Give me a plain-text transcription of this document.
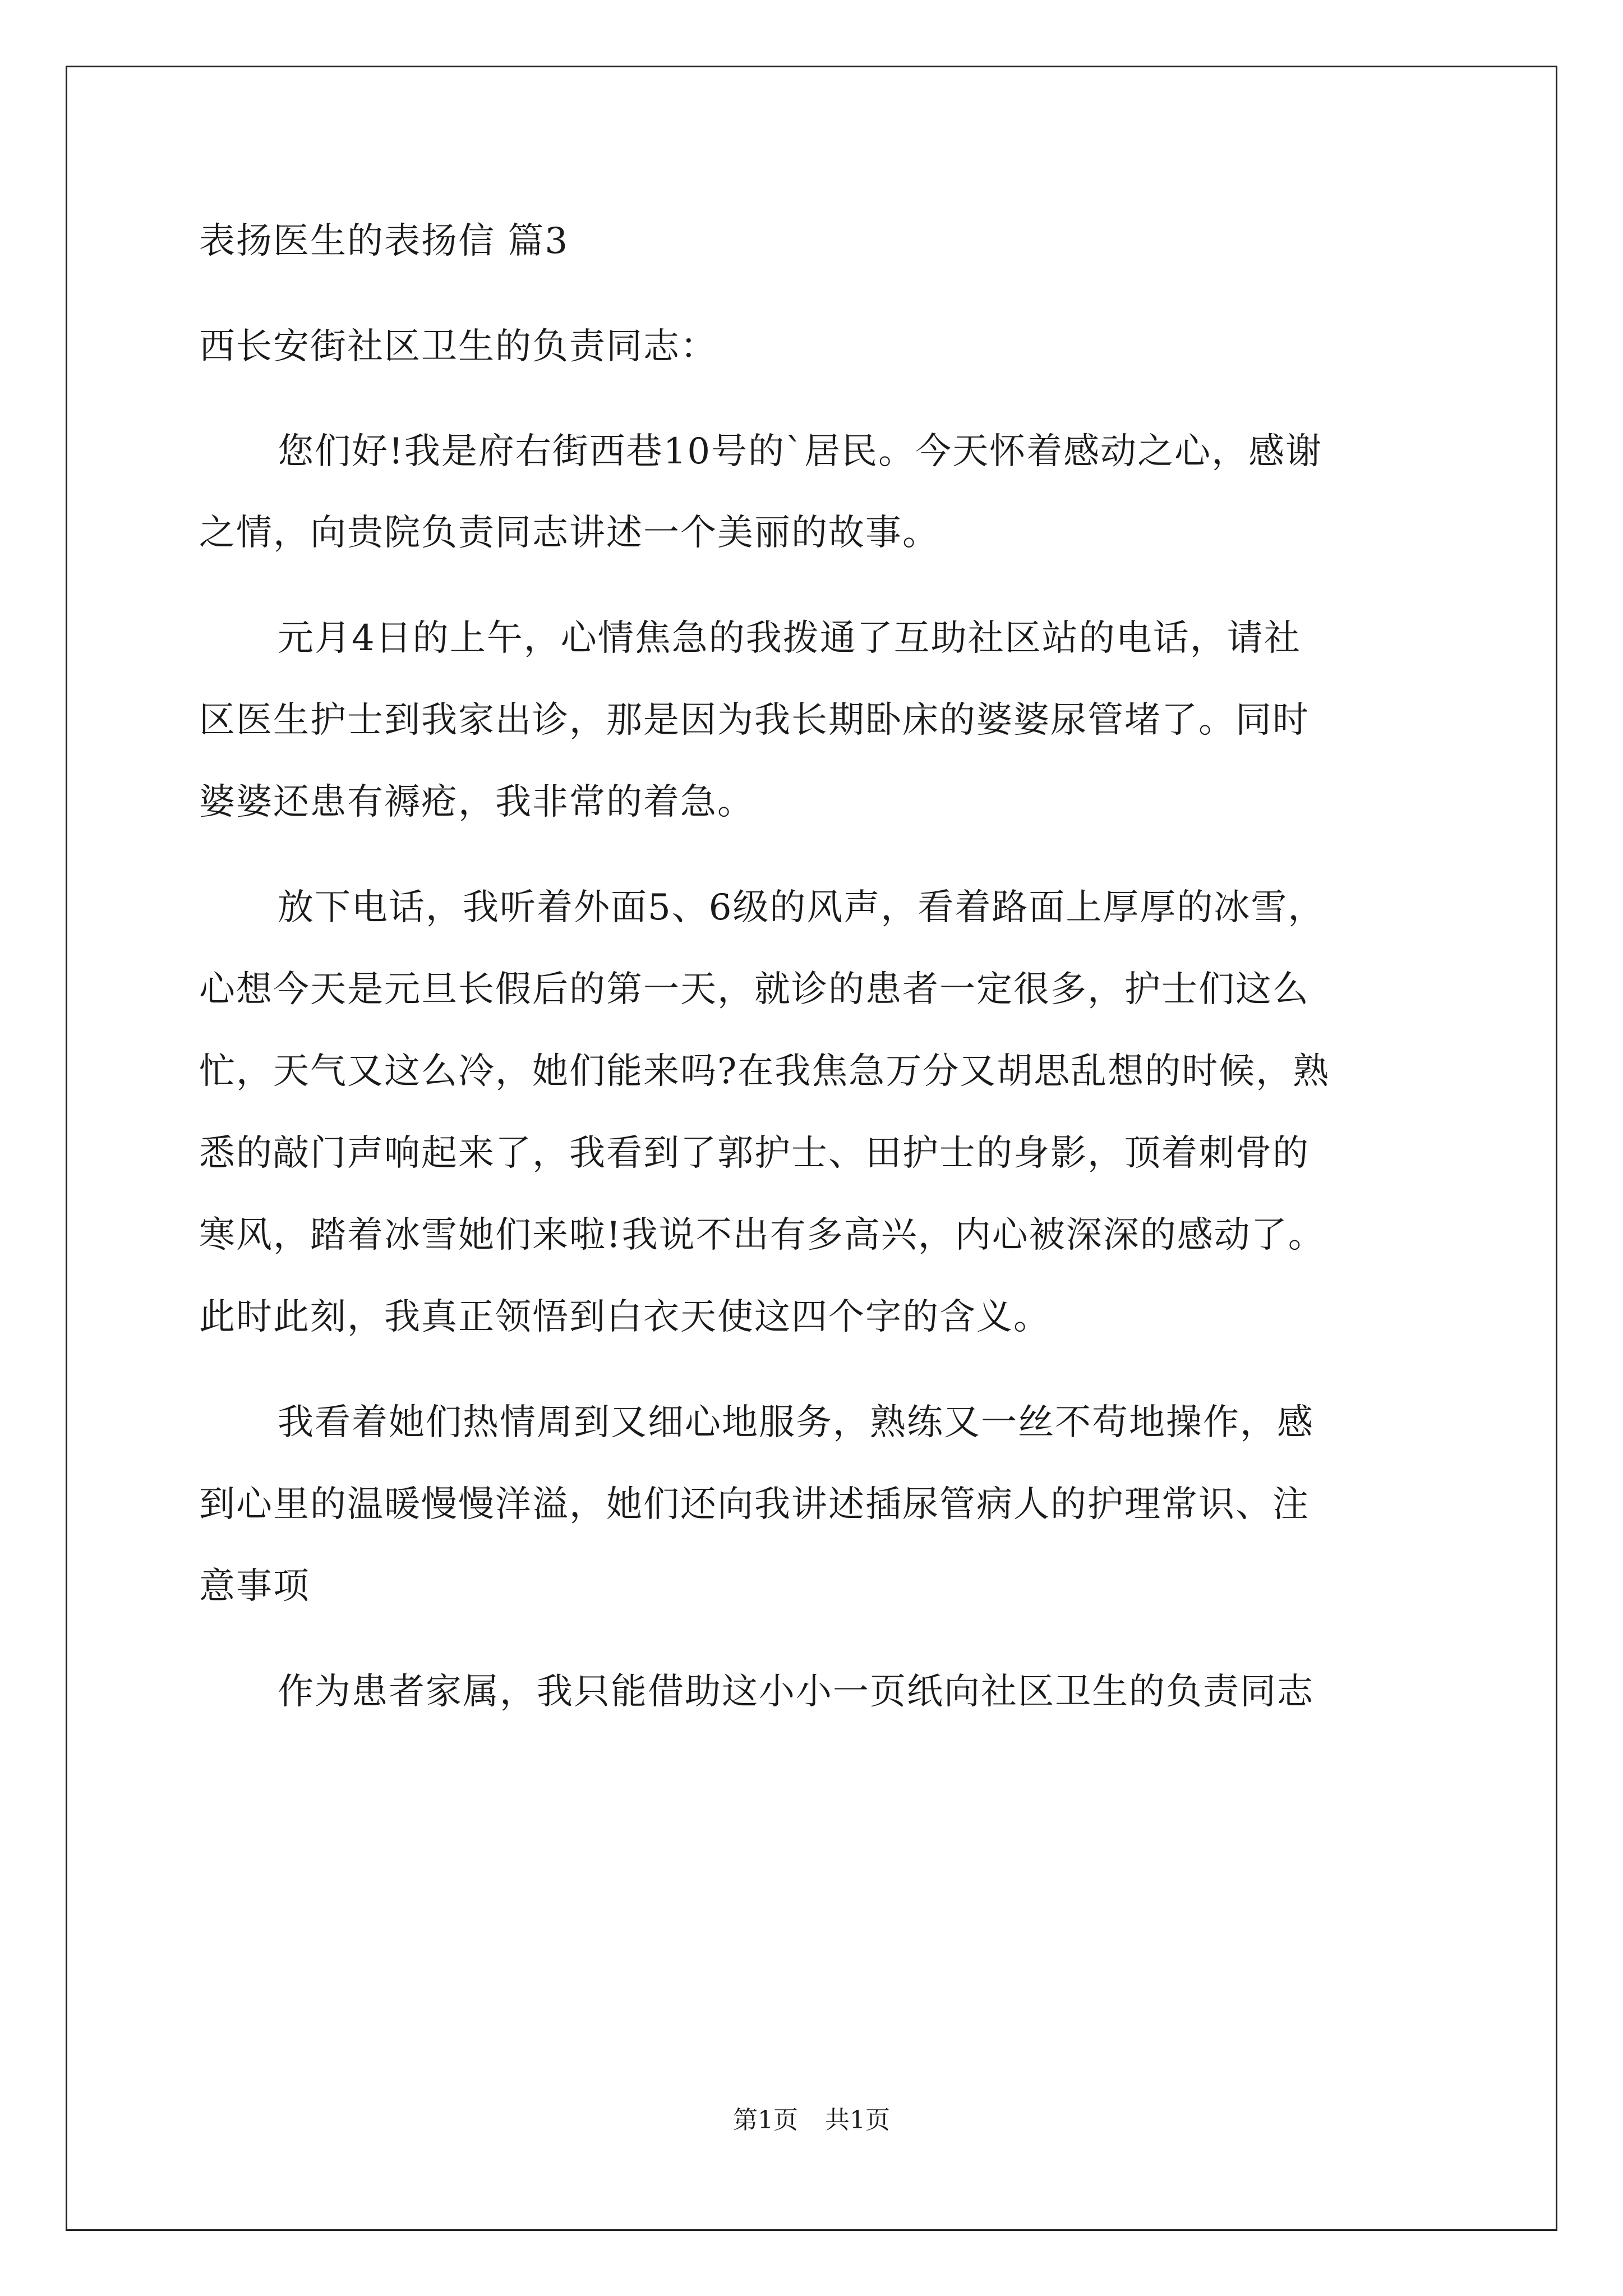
表扬医生的表扬信 篇3
西长安街社区卫生的负责同志：
您们好!我是府右街西巷10号的`居民。今天怀着感动之心，感谢
之情，向贵院负责同志讲述一个美丽的故事。
元月4日的上午，心情焦急的我拨通了互助社区站的电话，请社
区医生护士到我家出诊，那是因为我长期卧床的婆婆尿管堵了。同时
婆婆还患有褥疮，我非常的着急。
放下电话，我听着外面5、6级的风声，看着路面上厚厚的冰雪，
心想今天是元旦长假后的第一天，就诊的患者一定很多，护士们这么
忙，天气又这么冷，她们能来吗?在我焦急万分又胡思乱想的时候，熟
悉的敲门声响起来了，我看到了郭护士、田护士的身影，顶着刺骨的
寒风，踏着冰雪她们来啦!我说不出有多高兴，内心被深深的感动了。
此时此刻，我真正领悟到白衣天使这四个字的含义。
我看着她们热情周到又细心地服务，熟练又一丝不苟地操作，感
到心里的温暖慢慢洋溢，她们还向我讲述插尿管病人的护理常识、注
意事项
作为患者家属，我只能借助这小小一页纸向社区卫生的负责同志
第1页 共1页
